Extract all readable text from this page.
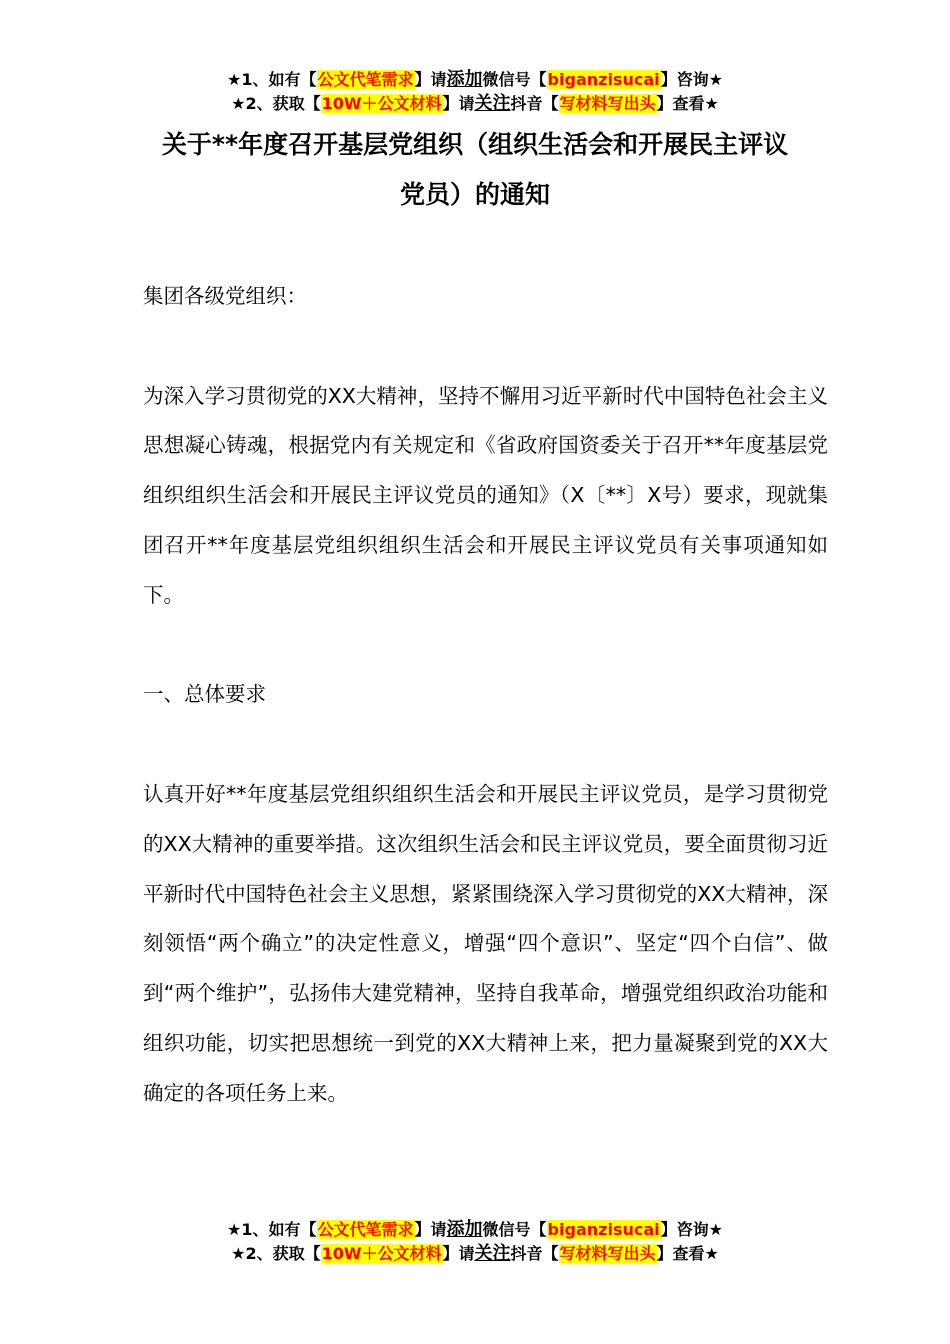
★1、如有【公文代笔需求】请添加微信号【biganzisucai】咨询★
★2、获取【10W＋公文材料】请关注抖音【写材料写出头】查看★
关于**年度召开基层党组织（组织生活会和开展民主评议
党员）的通知

集团各级党组织：

为深入学习贯彻党的XX大精神，坚持不懈用习近平新时代中国特色社会主义思想凝心铸魂，根据党内有关规定和《省政府国资委关于召开**年度基层党组织组织生活会和开展民主评议党员的通知》（X〔**〕X号）要求，现就集团召开**年度基层党组织组织生活会和开展民主评议党员有关事项通知如下。

一、总体要求

认真开好**年度基层党组织组织生活会和开展民主评议党员，是学习贯彻党的XX大精神的重要举措。这次组织生活会和民主评议党员，要全面贯彻习近平新时代中国特色社会主义思想，紧紧围绕深入学习贯彻党的XX大精神，深刻领悟“两个确立”的决定性意义，增强“四个意识”、坚定“四个白信”、做到“两个维护”，弘扬伟大建党精神，坚持自我革命，增强党组织政治功能和组织功能，切实把思想统一到党的XX大精神上来，把力量凝聚到党的XX大确定的各项任务上来。

★1、如有【公文代笔需求】请添加微信号【biganzisucai】咨询★
★2、获取【10W＋公文材料】请关注抖音【写材料写出头】查看★
